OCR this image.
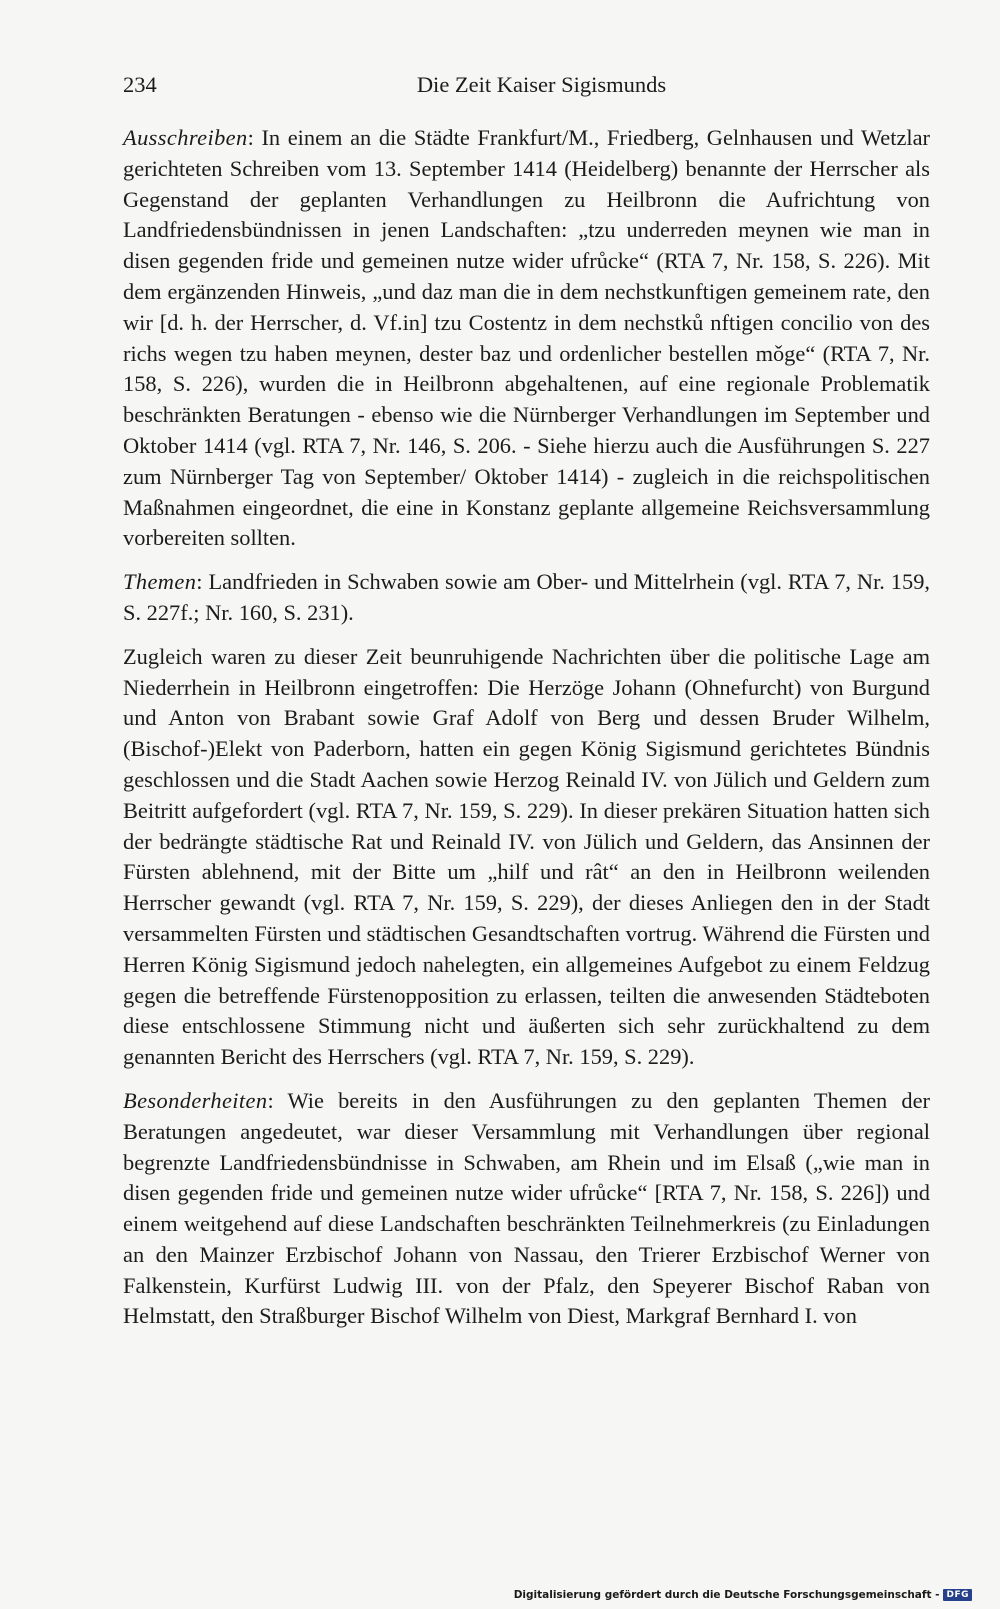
234	Die Zeit Kaiser Sigismunds

Ausschreiben: In einem an die Städte Frankfurt/M., Friedberg, Gelnhausen und Wetzlar gerichteten Schreiben vom 13. September 1414 (Heidelberg) benannte der Herrscher als Gegenstand der geplanten Verhandlungen zu Heilbronn die Aufrichtung von Landfriedensbündnissen in jenen Landschaften: „tzu underreden meynen wie man in disen gegenden fride und gemeinen nutze wider ufrůcke“ (RTA 7, Nr. 158, S. 226). Mit dem ergänzenden Hinweis, „und daz man die in dem nechstkunftigen gemeinem rate, den wir [d. h. der Herrscher, d. Vf.in] tzu Costentz in dem nechstků nftigen concilio von des richs wegen tzu haben meynen, dester baz und ordenlicher bestellen mǒge“ (RTA 7, Nr. 158, S. 226), wurden die in Heilbronn abgehaltenen, auf eine regionale Problematik beschränkten Beratungen - ebenso wie die Nürnberger Verhandlungen im September und Oktober 1414 (vgl. RTA 7, Nr. 146, S. 206. - Siehe hierzu auch die Ausführungen S. 227 zum Nürnberger Tag von September/ Oktober 1414) - zugleich in die reichspolitischen Maßnahmen eingeordnet, die eine in Konstanz geplante allgemeine Reichsversammlung vorbereiten sollten.

Themen: Landfrieden in Schwaben sowie am Ober- und Mittelrhein (vgl. RTA 7, Nr. 159, S. 227f.; Nr. 160, S. 231).

Zugleich waren zu dieser Zeit beunruhigende Nachrichten über die politische Lage am Niederrhein in Heilbronn eingetroffen: Die Herzöge Johann (Ohnefurcht) von Burgund und Anton von Brabant sowie Graf Adolf von Berg und dessen Bruder Wilhelm, (Bischof-)Elekt von Paderborn, hatten ein gegen König Sigismund gerichtetes Bündnis geschlossen und die Stadt Aachen sowie Herzog Reinald IV. von Jülich und Geldern zum Beitritt aufgefordert (vgl. RTA 7, Nr. 159, S. 229). In dieser prekären Situation hatten sich der bedrängte städtische Rat und Reinald IV. von Jülich und Geldern, das Ansinnen der Fürsten ablehnend, mit der Bitte um „hilf und rât“ an den in Heilbronn weilenden Herrscher gewandt (vgl. RTA 7, Nr. 159, S. 229), der dieses Anliegen den in der Stadt versammelten Fürsten und städtischen Gesandtschaften vortrug. Während die Fürsten und Herren König Sigismund jedoch nahelegten, ein allgemeines Aufgebot zu einem Feldzug gegen die betreffende Fürstenopposition zu erlassen, teilten die anwesenden Städteboten diese entschlossene Stimmung nicht und äußerten sich sehr zurückhaltend zu dem genannten Bericht des Herrschers (vgl. RTA 7, Nr. 159, S. 229).

Besonderheiten: Wie bereits in den Ausführungen zu den geplanten Themen der Beratungen angedeutet, war dieser Versammlung mit Verhandlungen über regional begrenzte Landfriedensbündnisse in Schwaben, am Rhein und im Elsaß („wie man in disen gegenden fride und gemeinen nutze wider ufrůcke“ [RTA 7, Nr. 158, S. 226]) und einem weitgehend auf diese Landschaften beschränkten Teilnehmerkreis (zu Einladungen an den Mainzer Erzbischof Johann von Nassau, den Trierer Erzbischof Werner von Falkenstein, Kurfürst Ludwig III. von der Pfalz, den Speyerer Bischof Raban von Helmstatt, den Straßburger Bischof Wilhelm von Diest, Markgraf Bernhard I. von

Digitalisierung gefördert durch die Deutsche Forschungsgemeinschaft - DFG
